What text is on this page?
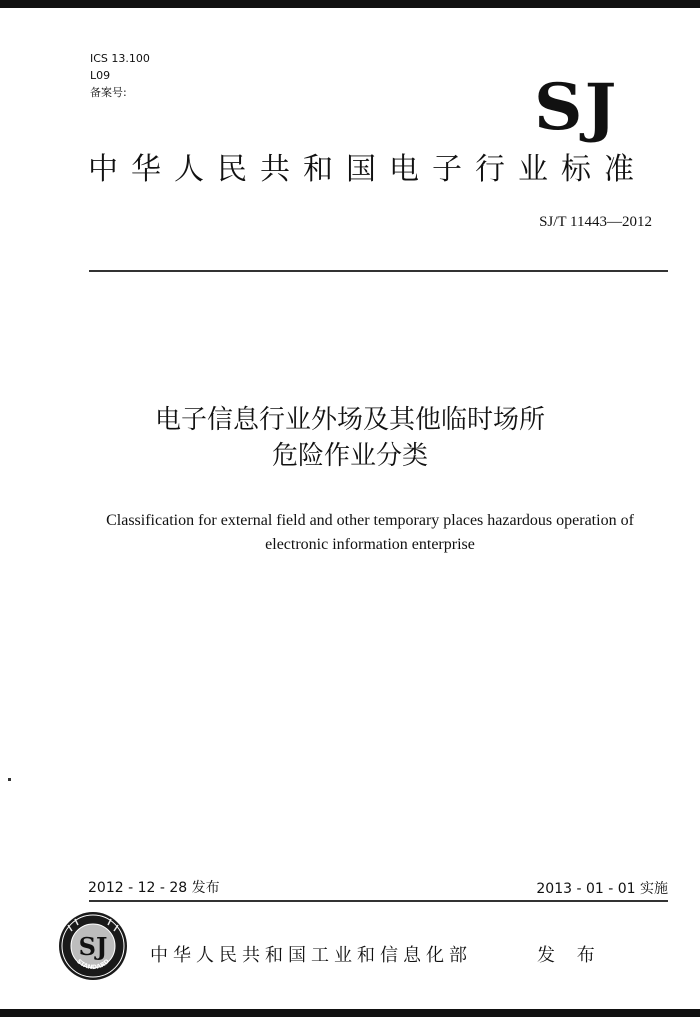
ICS 13.100
L09
备案号:	SJ
中华人民共和国电子行业标准
SJ/T 11443—2012
电子信息行业外场及其他临时场所
危险作业分类
Classification for external field and other temporary places hazardous operation of
electronic information enterprise
2012 - 12 - 28 发布	2013 - 01 - 01 实施
SJ
STANDARD 中华人民共和国工业和信息化部	发 布
